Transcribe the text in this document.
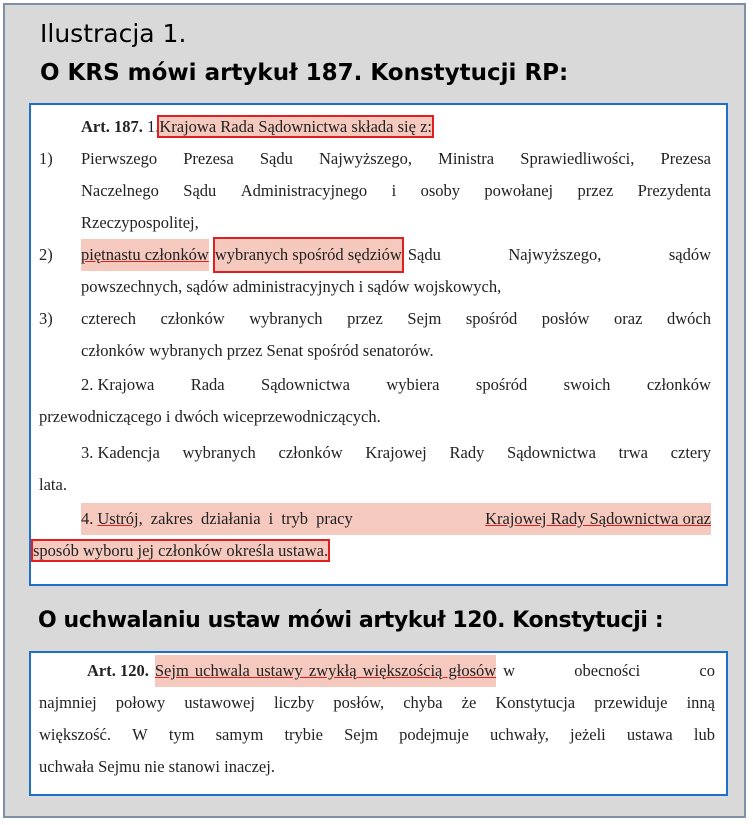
Ilustracja 1.
O KRS mówi artykuł 187. Konstytucji RP:
Art. 187. 1.Krajowa Rada Sądownictwa składa się z:
1) Pierwszego Prezesa Sądu Najwyższego, Ministra Sprawiedliwości, Prezesa
Naczelnego Sądu Administracyjnego i osoby powołanej przez Prezydenta
Rzeczypospolitej,
2) piętnastu członków wybranych spośród sędziów Sądu	Najwyższego,	sądów
powszechnych, sądów administracyjnych i sądów wojskowych,
3) czterech członków wybranych przez Sejm spośród posłów oraz dwóch
członków wybranych przez Senat spośród senatorów.
2. Krajowa Rada Sądownictwa wybiera spośród swoich członków
przewodniczącego i dwóch wiceprzewodniczących.
3. Kadencja wybranych członków Krajowej Rady Sądownictwa trwa cztery
lata.
4. Ustrój, zakres działania i tryb pracy	Krajowej Rady Sądownictwa oraz
sposób wyboru jej członków określa ustawa.
O uchwalaniu ustaw mówi artykuł 120. Konstytucji :
Art. 120. Sejm uchwala ustawy zwykłą większością głosów w	obecności	co
najmniej połowy ustawowej liczby posłów, chyba że Konstytucja przewiduje inną
większość. W tym samym trybie Sejm podejmuje uchwały, jeżeli ustawa lub
uchwała Sejmu nie stanowi inaczej.
